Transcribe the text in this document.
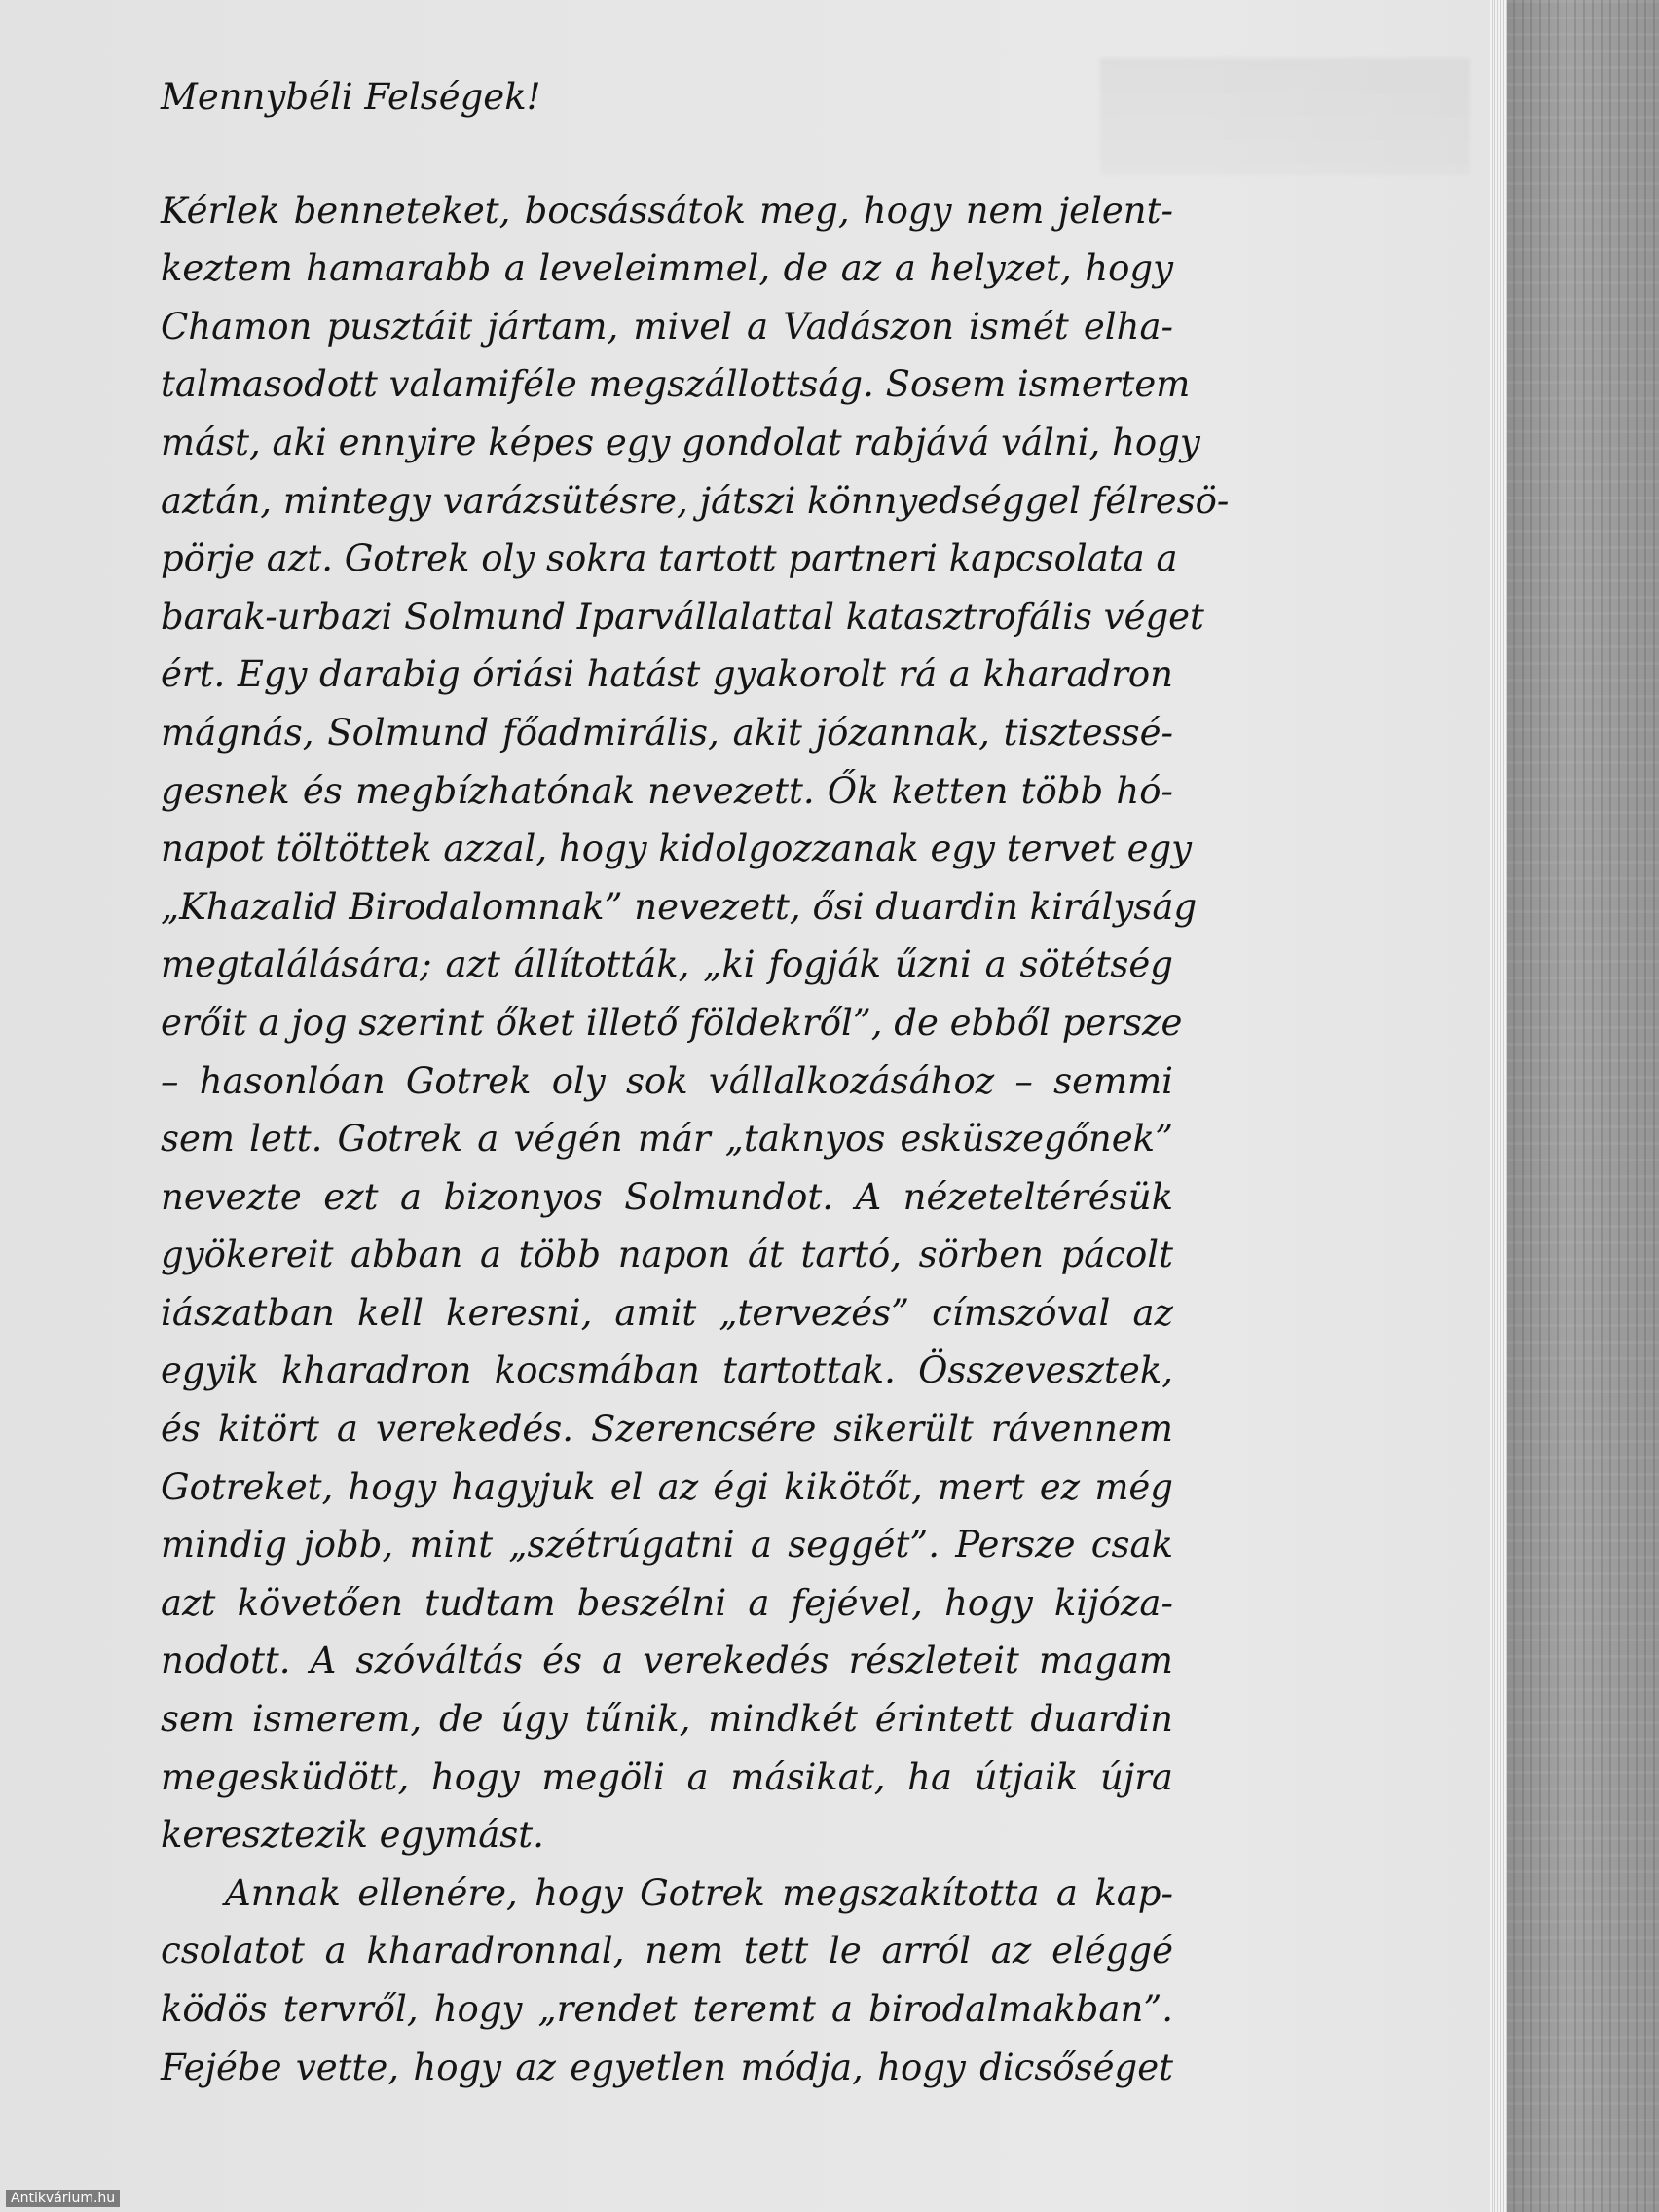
Mennybéli Felségek!
Kérlek benneteket, bocsássátok meg, hogy nem jelent-
keztem hamarabb a leveleimmel, de az a helyzet, hogy
Chamon pusztáit jártam, mivel a Vadászon ismét elha-
talmasodott valamiféle megszállottság. Sosem ismertem
mást, aki ennyire képes egy gondolat rabjává válni, hogy
aztán, mintegy varázsütésre, játszi könnyedséggel félresö-
pörje azt. Gotrek oly sokra tartott partneri kapcsolata a
barak-urbazi Solmund Iparvállalattal katasztrofális véget
ért. Egy darabig óriási hatást gyakorolt rá a kharadron
mágnás, Solmund főadmirális, akit józannak, tisztessé-
gesnek és megbízhatónak nevezett. Ők ketten több hó-
napot töltöttek azzal, hogy kidolgozzanak egy tervet egy
„Khazalid Birodalomnak” nevezett, ősi duardin királyság
megtalálására; azt állították, „ki fogják űzni a sötétség
erőit a jog szerint őket illető földekről”, de ebből persze
– hasonlóan Gotrek oly sok vállalkozásához – semmi
sem lett. Gotrek a végén már „taknyos esküszegőnek”
nevezte ezt a bizonyos Solmundot. A nézeteltérésük
gyökereit abban a több napon át tartó, sörben pácolt
iászatban kell keresni, amit „tervezés” címszóval az
egyik kharadron kocsmában tartottak. Összevesztek,
és kitört a verekedés. Szerencsére sikerült rávennem
Gotreket, hogy hagyjuk el az égi kikötőt, mert ez még
mindig jobb, mint „szétrúgatni a seggét”. Persze csak
azt követően tudtam beszélni a fejével, hogy kijóza-
nodott. A szóváltás és a verekedés részleteit magam
sem ismerem, de úgy tűnik, mindkét érintett duardin
megesküdött, hogy megöli a másikat, ha útjaik újra
keresztezik egymást.
Annak ellenére, hogy Gotrek megszakította a kap-
csolatot a kharadronnal, nem tett le arról az eléggé
ködös tervről, hogy „rendet teremt a birodalmakban”.
Fejébe vette, hogy az egyetlen módja, hogy dicsőséget
Antikvárium.hu
